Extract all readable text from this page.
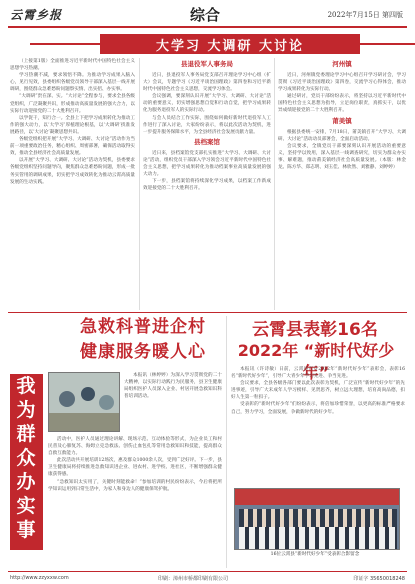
云霄乡报	综合	2022年7月15日 第四版
大学习 大调研 大讨论

（上接第1版）全面推进习近平新时代中国特色社会主义思想学习热潮。

学习热潮不减，要求领悟不降。为推动学习成果入脑入心，见行见效，县委组织各级党员领导干部深入基层一线开展调研，围绕群众急难愁盼问题察实情、出实招、办实事。

“大调研”贵在深、实。“大讨论”全程参与，要求全县各级党组织，广泛凝聚共识，形成推动高质量发展的强大合力，以实际行动迎接党的二十大胜利召开。

以学促干，知行合一。全县上下把学习成果转化为推动工作的强大动力，以‘大学习’厚植理论根基，以‘大调研’找准发展路径，以‘大讨论’凝聚思想共识。

各级党组织把开展“大学习、大调研、大讨论”活动作为当前一项重要政治任务，精心组织、周密部署，确保活动取得实效，推动全县经济社会高质量发展。

以开展“大学习、大调研、大讨论”活动为契机，县委要求各级党组织坚持问题导向，聚焦群众急难愁盼问题，形成一批务实管用的调研成果，切实把学习成效转化为推动云霄高质量发展的生动实践。

县退役军人事务局

近日，县退役军人事务局党支部召开理论学习中心组（扩大）会议，专题学习《习近平谈治国理政》第四卷和习近平新时代中国特色社会主义思想，交流学习体会。

会议强调，要深刻认识开展“大学习、大调研、大讨论”活动的重要意义，切实增强思想自觉和行动自觉，把学习成果转化为服务退役军人的实际行动。

与会人员结合工作实际，围绕如何做好新时代退役军人工作进行了深入讨论，大家纷纷表示，将以此次活动为契机，进一步提升服务保障水平，为全县经济社会发展贡献力量。

县档案馆

近日来，县档案馆党支部扎实推进“大学习、大调研、大讨论”活动，组织党员干部深入学习领会习近平新时代中国特色社会主义思想，把学习成果转化为推动档案事业高质量发展的强大动力。

下一步，县档案馆将持续深化学习成果，以档案工作新成效迎接党的二十大胜利召开。

河州镇

近日，河州镇党委理论学习中心组召开学习研讨会，学习贯彻《习近平谈治国理政》第四卷，交流学习心得体会，推动学习成果转化为实际行动。

通过研讨，党员干部纷纷表示，将坚持以习近平新时代中国特色社会主义思想为指导，立足岗位职责，真抓实干，以优异成绩迎接党的二十大胜利召开。

莆美镇

根据县委统一安排，7月18日，莆美镇召开“大学习、大调研、大讨论”活动动员部署会，全面启动活动。

会议要求，全镇党员干部要深刻认识开展活动的重要意义，坚持学以致用，深入基层一线调查研究，切实为群众办实事、解难题，推动莆美镇经济社会高质量发展。（本版：林金龙、陈方华、郑志明、刘玉佳、林欣然、刘雅静、刘婷婷）

急救科普进企村
健康服务暖人心
我
为
群
众
办
实
事

本报讯（林婷婷）为深入学习贯彻党的二十大精神，以实际行动践行为民服务，县卫生健康局组织医护人员深入企业、村居开展急救知识科普培训活动。

活动中，医护人员通过理论讲解、现场示范、互动体验等形式，为企业员工和村民普及心肺复苏、海姆立克急救法、创伤止血包扎等常用急救知识和技能，提高群众自救互救能力。

此次活动共开展培训12场次，惠及群众1000余人次，受到广泛好评。下一步，县卫生健康局将持续推进急救知识进企业、进农村、进学校、进社区，不断增强群众健康获得感。

“急救知识太实用了，关键时刻能救命！”参加培训的村民纷纷表示，今后将把所学知识运用到日常生活中，为家人和身边人的健康保驾护航。

云霄县表彰16名
2022年 “新时代好少年”

本报讯（许诗敏）日前，云霄县召开2022年“新时代好少年”表彰会，表彰16名“新时代好少年”，引导广大青少年学习先进、争当先进。

会议要求，全县各级各部门要以此次表彰为契机，广泛宣传“新时代好少年”的先进事迹，引导广大未成年人学习榜样、见贤思齐，树立远大理想，培育高尚品德，扣好人生第一粒扣子。

受表彰的“新时代好少年”们纷纷表示，将倍加珍惜荣誉，以更高的标准严格要求自己，努力学习，全面发展，争做新时代的好少年。

16位云霄县“新时代好少年”受表彰合影留念
http://www.zzyxxw.com	印刷：漳州市桥都印刷有限公司	印证字 35650018248
